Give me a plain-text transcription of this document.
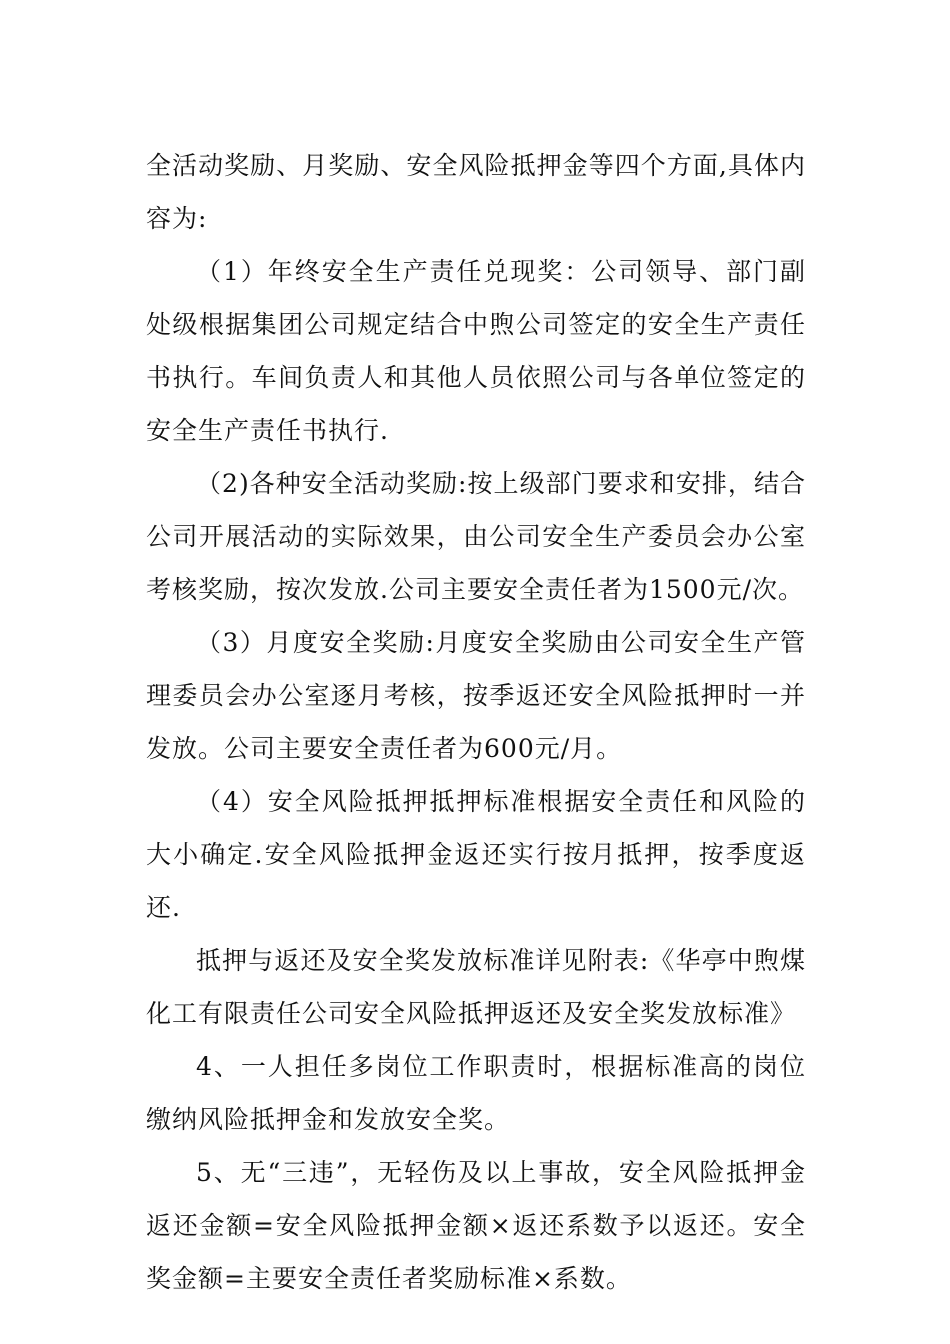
全活动奖励、月奖励、安全风险抵押金等四个方面,具体内容为:

（1）年终安全生产责任兑现奖：公司领导、部门副处级根据集团公司规定结合中煦公司签定的安全生产责任书执行。车间负责人和其他人员依照公司与各单位签定的安全生产责任书执行.

（2)各种安全活动奖励:按上级部门要求和安排，结合公司开展活动的实际效果，由公司安全生产委员会办公室考核奖励，按次发放.公司主要安全责任者为1500元/次。

（3）月度安全奖励:月度安全奖励由公司安全生产管理委员会办公室逐月考核，按季返还安全风险抵押时一并发放。公司主要安全责任者为600元/月。

（4）安全风险抵押抵押标准根据安全责任和风险的大小确定.安全风险抵押金返还实行按月抵押，按季度返还.

抵押与返还及安全奖发放标准详见附表:《华亭中煦煤化工有限责任公司安全风险抵押返还及安全奖发放标准》

4、一人担任多岗位工作职责时，根据标准高的岗位缴纳风险抵押金和发放安全奖。

5、无“三违”，无轻伤及以上事故，安全风险抵押金返还金额=安全风险抵押金额×返还系数予以返还。安全奖金额=主要安全责任者奖励标准×系数。
